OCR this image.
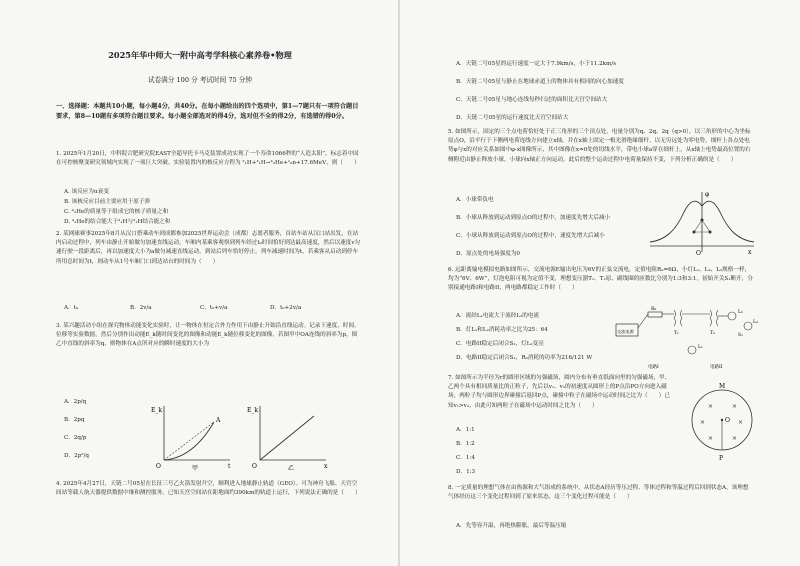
2025年华中师大一附中高考学科核心素养卷•物理
试卷满分 100 分 考试时间 75 分钟
一、选择题：本题共10小题，每小题4分，共40分。在每小题给出的四个选项中，第1—7题只有一项符合题目要求，第8—10题有多项符合题目要求。每小题全部选对的得4分，选对但不全的得2分，有选错的得0分。
1. 2025年1月20日，中科院合肥研究院EAST全超导托卡马克装置成功实现了一个寿命1066秒的“人造太阳”，标志着中国在可控核聚变研究领域内实现了一项巨大突破。实验装置内的核反应方程为 ²₁H+³₁H→⁴₂He+¹₀n+17.6MeV，则（　　）
A. 该反应为α衰变
B. 该核反应目前主要应用于原子弹
C. ⁴₂He的质量等于组成它的核子质量之和
D. ⁴₂He的结合能大于²₁H与³₁H结合能之和
2. 某网球赛事2025年8月从汉口搭乘动车到成都参加2025世界运动会（成都）志愿者服务，首站车站从汉口站出发，在站内启动过程中，列车由静止开始做匀加速直线运动，车厢内某乘客观察到列车经过t₀时间恰好到达最高速度，然后以速度v匀速行驶一段距离后，再以加速度大小为a做匀减速直线运动，到站后列车恰好停止。列车减速时间为t，若乘客从启动到停车所用总时间为t，则动车从1号车厢门口到达站台的时间为（　　）
A．t₀	B．2v/a	C．t₀+v/a	D．t₀+2v/a
3. 某兴趣活动小组在探究物体动能变化实验时，让一物体在恒定合外力作用下由静止开始沿直线运动。记录下速度、时间、位移等实验数据，然后分别作出动能E_k随时间变化的图像和动能E_k随位移变化的图像，若图甲中OA连线的斜率为p，图乙中直线的斜率为q，则物体在A点所对应的瞬时速度的大小为
A．2p/q
B．2pq
C．2q/p
D．2p²/q
E_k
t
O
A
甲
E_k
x
O	乙
4. 2025年4月27日，天链二号05星在长征三号乙火箭发射升空，顺利进入地球静止轨道（GEO）。可为神舟飞船、天宫空间站等载人航天器提供数据中继和测控服务。已知天宫空间站在距地面约390km的轨道上运行，下列说法正确的是（　　）
A．天链二号05星的运行速度一定大于7.9km/s，小于11.2km/s
B．天链二号05星与静止在地球赤道上的物体具有相同的向心加速度
C．天链二号05星与地心连线每秒扫过的面积比天宫空间站大
D．天链二号05星的运行速度比天宫空间站大
5. 如图所示，固定的三个点电荷恰好处于正三角形的三个顶点处，电量分别为q、2q、2q（q>0），以三角形的中心为坐标原点O，沿平行于下侧两电荷连线方向建立x轴，并在x轴上固定一根光滑绝缘细杆，以无穷远处为零电势，细杆上各点处电势φ与x的对应关系如图中φ-x图像所示，其中图像在x=0处的切线水平，带电小球a穿在细杆上，从x轴上电势最高位置的右侧附近由静止释放小球，小球向x轴正方向运动，此后的整个运动过程中电荷量保持不变，下列分析正确的是（　　）
A．小球带负电
B．小球从释放到运动到原点O的过程中，加速度先增大后减小
C．小球从释放到运动到原点O的过程中，速度先增大后减小
D．原点处的电场强度为0
φ
x
O
6. 远距离输电模拟电路如图所示，交流电源E输出电压为6V的正弦交流电，定值电阻R₀=6Ω，小灯L₁、L₂、L₃规格一样，均为“6V、6W”，灯泡电阻可视为定值不变，理想变压器T₁、T₂原、副线圈的匝数比分别为1:3和3:1。初始开关S₁断开，分别接通电路I和电路II，两电路都稳定工作时（　　）
A．流经L₁电流大于流经L₂的电流
B．灯L₁和L₂消耗功率之比为25：64
C．电路II稳定后闭合S₁，灯L₂变亮
D．电路II稳定后闭合S₁，R₀消耗的功率为216/121 W
交流电源
R₀
T₁	T₂
L₂
L₃
S₁
L₁
电路I	电路II
7. 如图所示为半径为r的圆形区域的匀强磁场，圆内分布有垂直纸面向里的匀强磁场，甲、乙两个具有相同质量比的正粒子，先后以v₁、v₂的初速度从圆形上的P点沿PO方向进入磁场，两粒子均与圆形边界碰撞后返回P点，碰撞中粒子在磁场中运动时间之比为（　　）已知v₁>v₂，由此可知两粒子在磁场中运动时间之比为（　　）
A．1:1
B．1:2
C．1:4
D．1:3
×	×
×	×
×	×
M
O
P
8. 一定质量的理想气体在由热源和大气组成的系统中，从状态A经历等压过程、等体过程和等温过程后回到状态A，该理想气体经历这三个变化过程回到了原来状态，这三个变化过程可能是（　　）
A．先等容升温，再绝热膨胀，最后等温压缩
